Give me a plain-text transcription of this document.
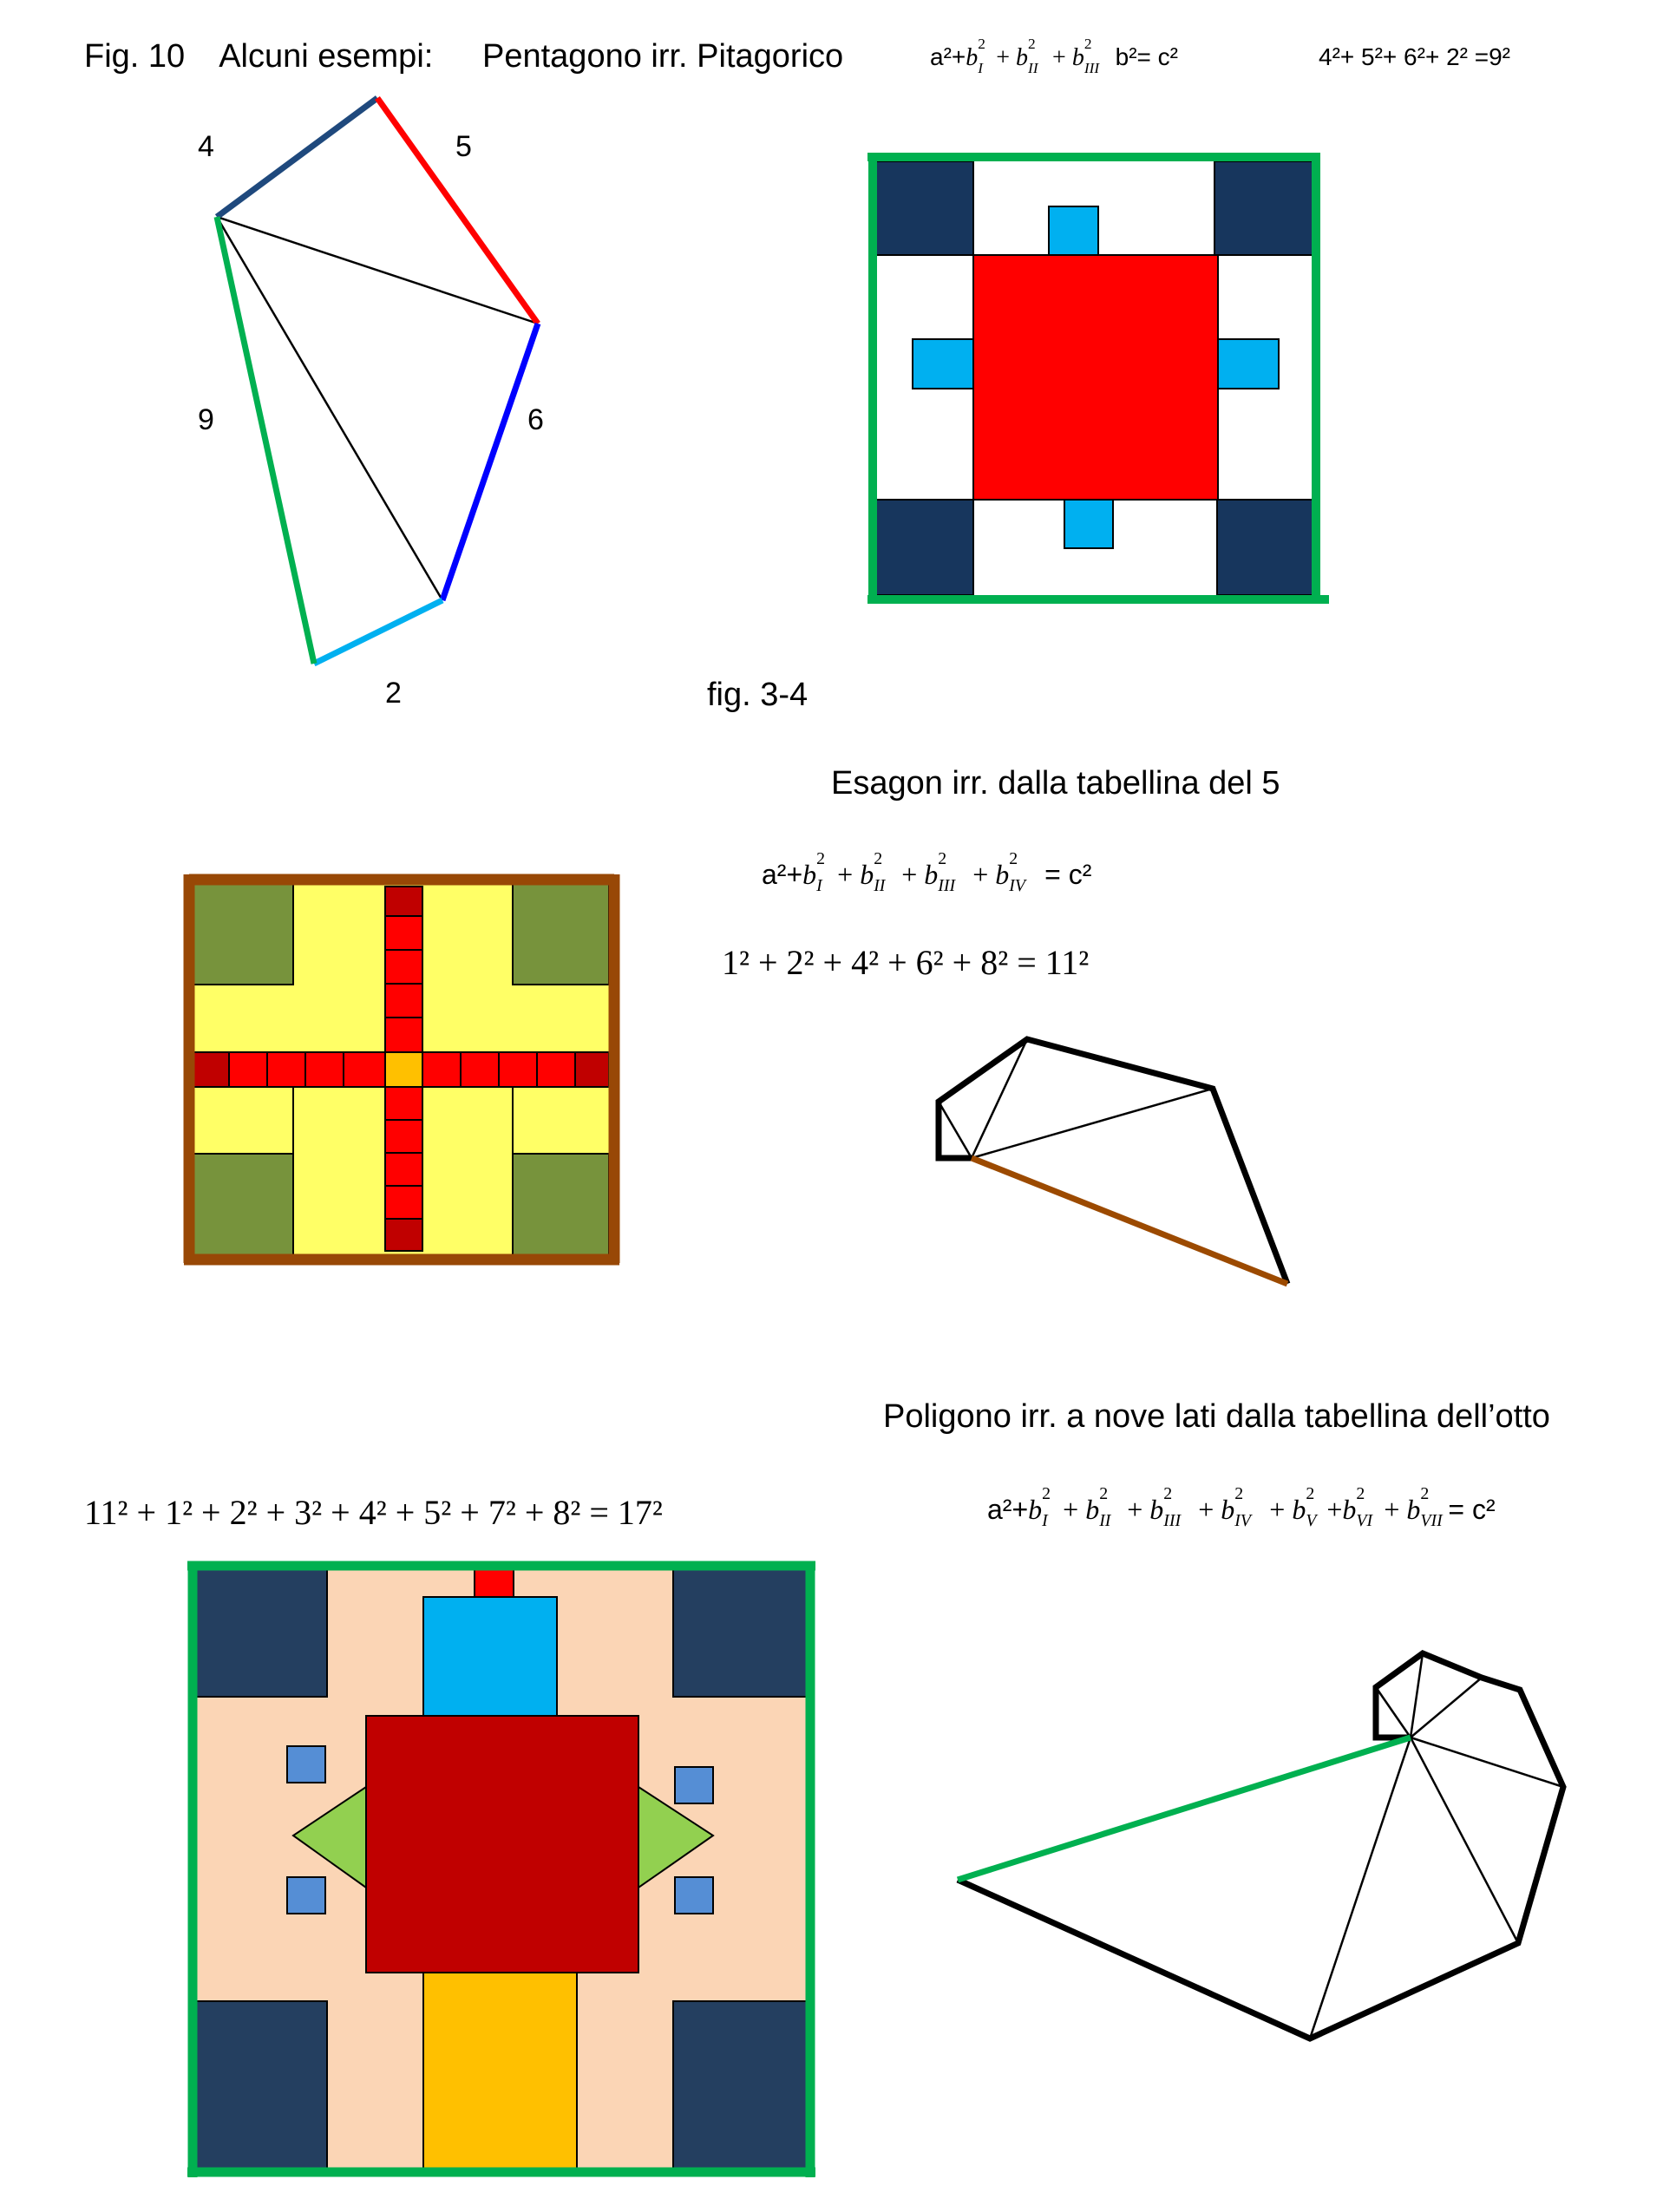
Fig. 10 Alcuni esempi: Pentagono irr. Pitagorico	a²+b
2
I + b
2
II + b
2
III b²= c²	4²+ 5²+ 6²+ 2² =9²
4	5
9	6
2	fig. 3-4
Esagon irr. dalla tabellina del 5
a²+b 2
I + b 2
II + b 2
III + b 2
IV = c²
1² + 2² + 4² + 6² + 8² = 11²
Poligono irr. a nove lati dalla tabellina dell’otto
11² + 1² + 2² + 3² + 4² + 5² + 7² + 8² = 17²	a²+b 2
I + b 2
II + b 2
III + b 2
IV + b 2
V +b 2
VI + b 2
VII = c²
